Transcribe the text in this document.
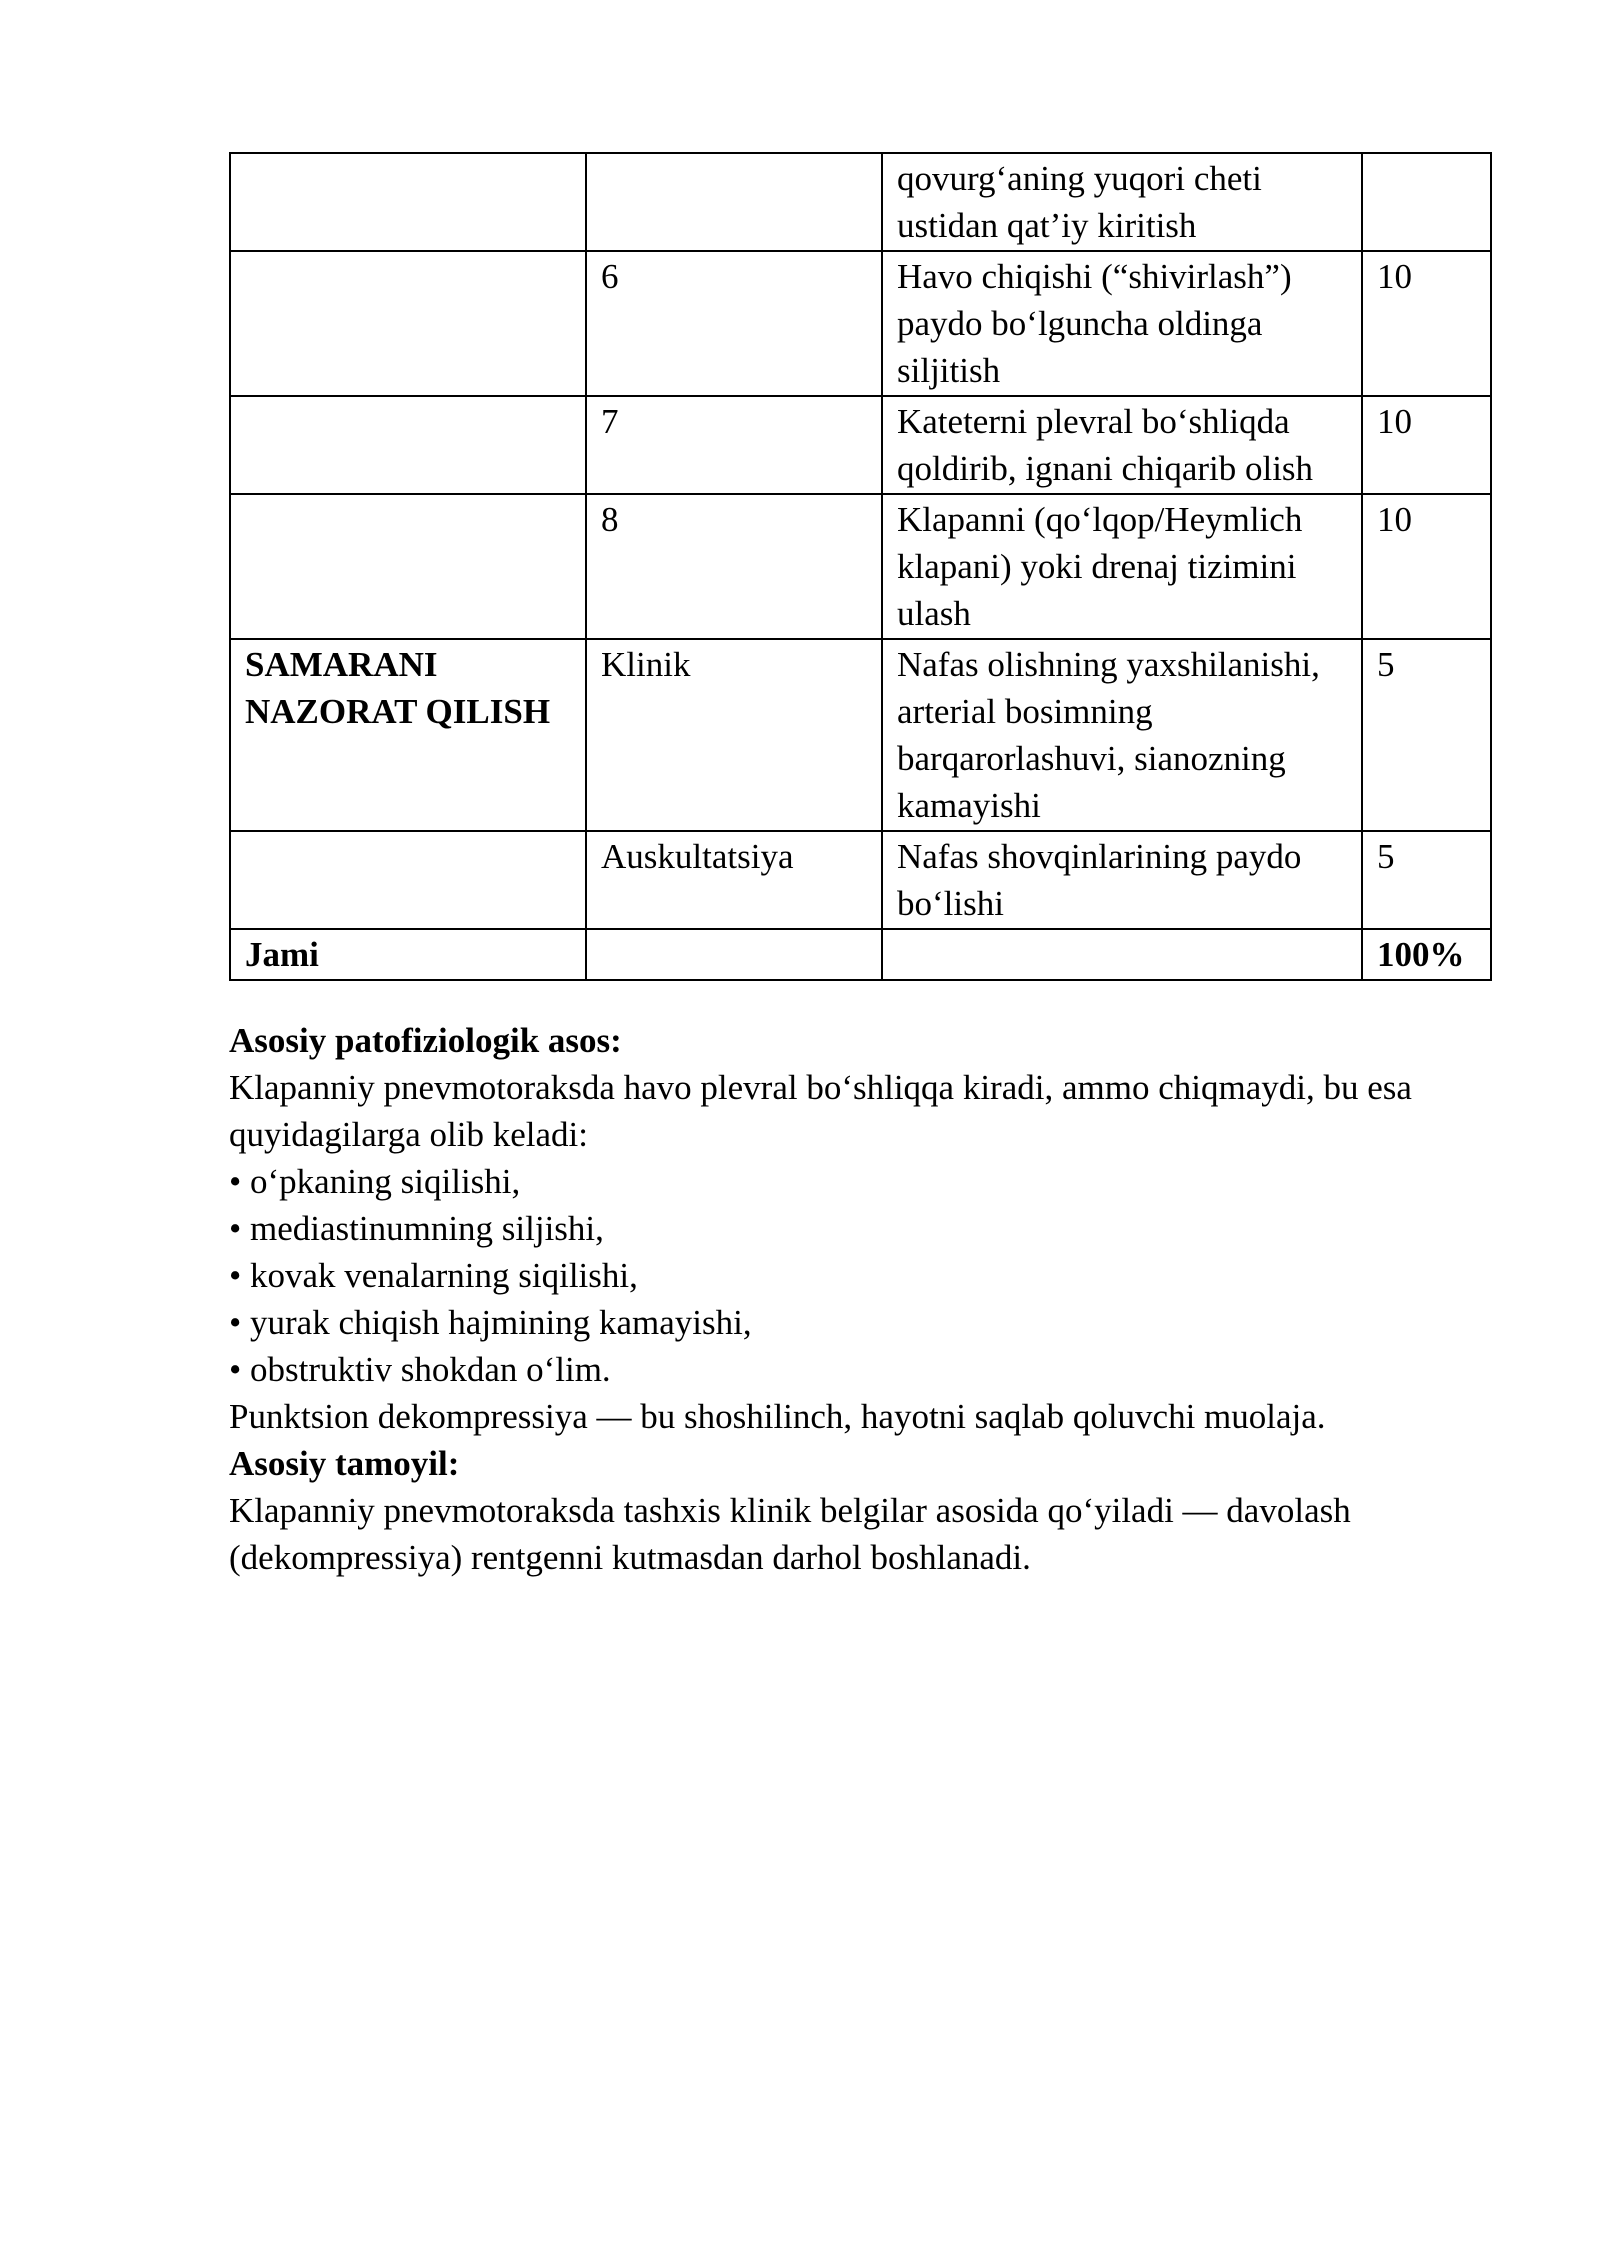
		qovurg‘aning yuqori cheti ustidan qat’iy kiritish	
	6	Havo chiqishi (“shivirlash”) paydo bo‘lguncha oldinga siljitish	10
	7	Kateterni plevral bo‘shliqda qoldirib, ignani chiqarib olish	10
	8	Klapanni (qo‘lqop/Heymlich klapani) yoki drenaj tizimini ulash	10
SAMARANI NAZORAT QILISH	Klinik	Nafas olishning yaxshilanishi, arterial bosimning barqarorlashuvi, sianozning kamayishi	5
	Auskultatsiya	Nafas shovqinlarining paydo bo‘lishi	5
Jami			100%

Asosiy patofiziologik asos:

Klapanniy pnevmotoraksda havo plevral bo‘shliqqa kiradi, ammo chiqmaydi, bu esa quyidagilarga olib keladi:

• o‘pkaning siqilishi,

• mediastinumning siljishi,

• kovak venalarning siqilishi,

• yurak chiqish hajmining kamayishi,

• obstruktiv shokdan o‘lim.

Punktsion dekompressiya — bu shoshilinch, hayotni saqlab qoluvchi muolaja.

Asosiy tamoyil:

Klapanniy pnevmotoraksda tashxis klinik belgilar asosida qo‘yiladi — davolash (dekompressiya) rentgenni kutmasdan darhol boshlanadi.
